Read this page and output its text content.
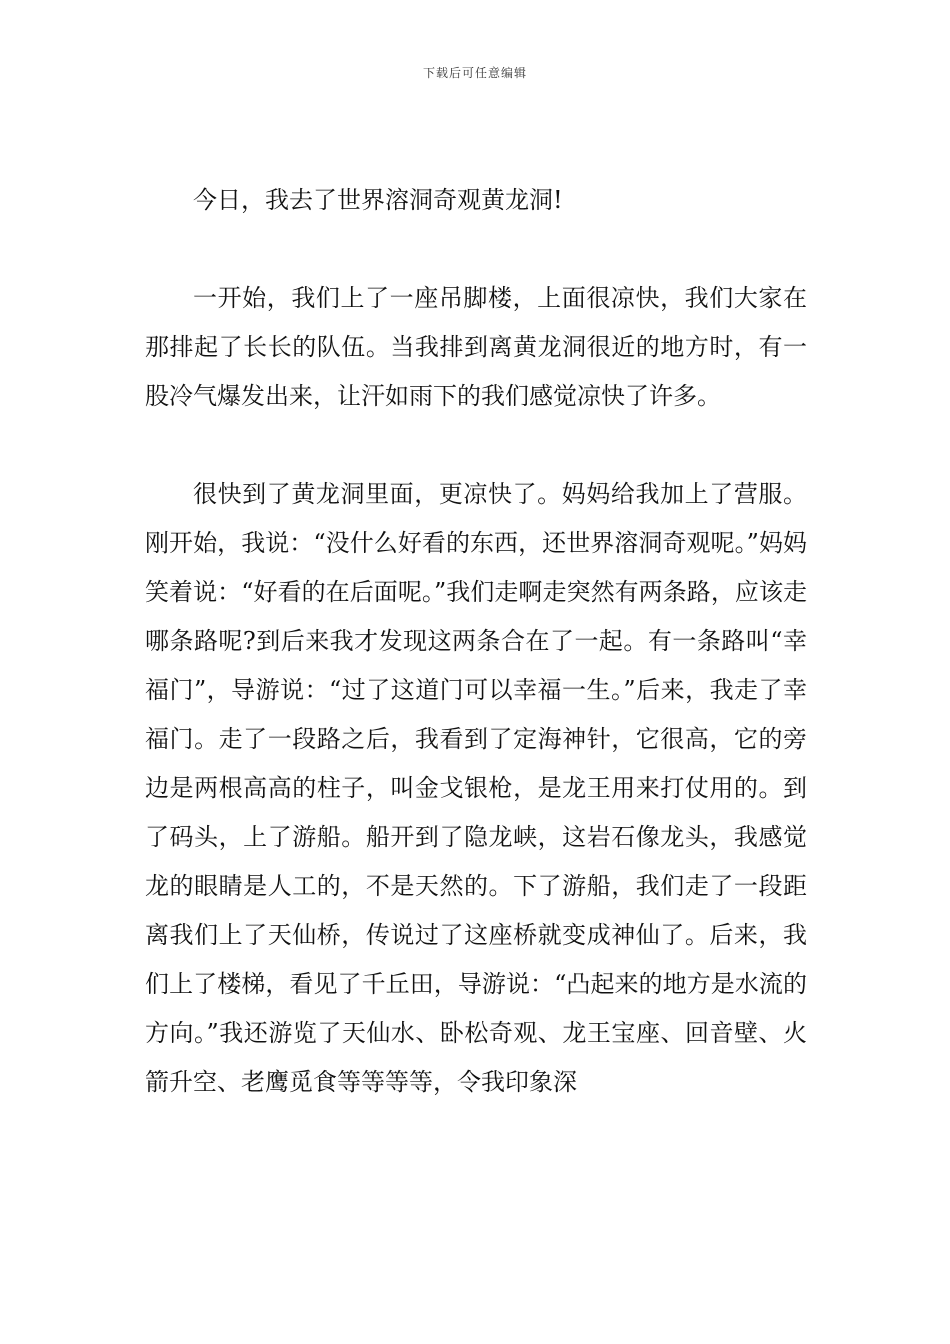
下载后可任意编辑

今日，我去了世界溶洞奇观黄龙洞!

一开始，我们上了一座吊脚楼，上面很凉快，我们大家在那排起了长长的队伍。当我排到离黄龙洞很近的地方时，有一股冷气爆发出来，让汗如雨下的我们感觉凉快了许多。

很快到了黄龙洞里面，更凉快了。妈妈给我加上了营服。刚开始，我说：“没什么好看的东西，还世界溶洞奇观呢。”妈妈笑着说：“好看的在后面呢。”我们走啊走突然有两条路，应该走哪条路呢?到后来我才发现这两条合在了一起。有一条路叫“幸福门”，导游说：“过了这道门可以幸福一生。”后来，我走了幸福门。走了一段路之后，我看到了定海神针，它很高，它的旁边是两根高高的柱子，叫金戈银枪，是龙王用来打仗用的。到了码头，上了游船。船开到了隐龙峡，这岩石像龙头，我感觉龙的眼睛是人工的，不是天然的。下了游船，我们走了一段距离我们上了天仙桥，传说过了这座桥就变成神仙了。后来，我们上了楼梯，看见了千丘田，导游说：“凸起来的地方是水流的方向。”我还游览了天仙水、卧松奇观、龙王宝座、回音壁、火箭升空、老鹰觅食等等等等，令我印象深
